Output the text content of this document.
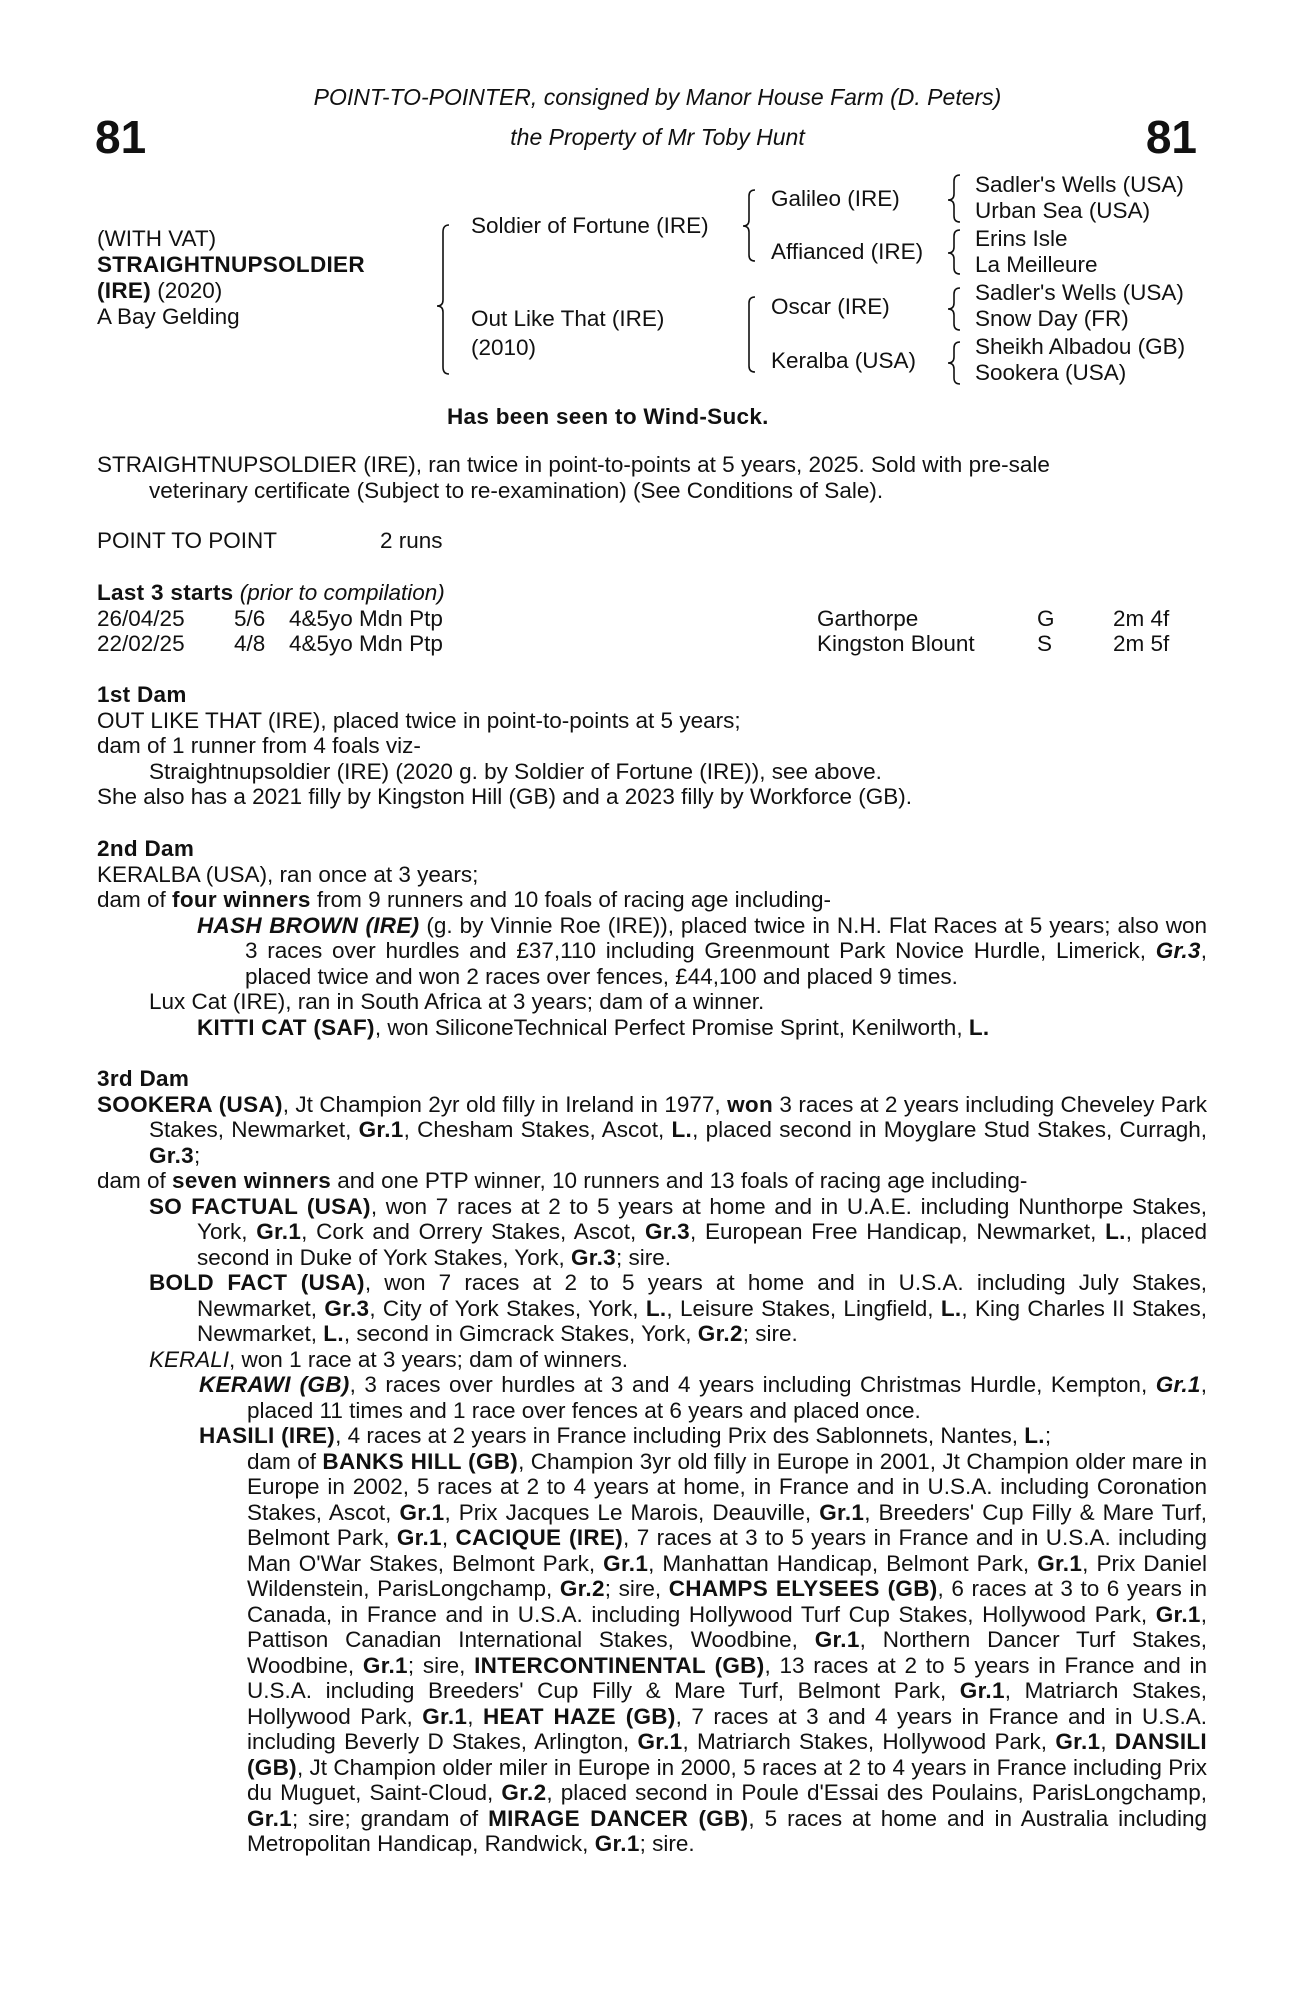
81	81
POINT-TO-POINTER, consigned by Manor House Farm (D. Peters)
the Property of Mr Toby Hunt
(WITH VAT)
STRAIGHTNUPSOLDIER
(IRE) (2020)
A Bay Gelding
Soldier of Fortune (IRE)
Out Like That (IRE)
(2010)
Galileo (IRE)
Affianced (IRE)
Oscar (IRE)
Keralba (USA)
Sadler's Wells (USA)
Urban Sea (USA)
Erins Isle
La Meilleure
Sadler's Wells (USA)
Snow Day (FR)
Sheikh Albadou (GB)
Sookera (USA)
Has been seen to Wind-Suck.

STRAIGHTNUPSOLDIER (IRE), ran twice in point-to-points at 5 years, 2025. Sold with pre-sale

veterinary certificate (Subject to re-examination) (See Conditions of Sale).

POINT TO POINT	2 runs
Last 3 starts (prior to compilation)
26/04/25 5/6 4&5yo Mdn Ptp	Garthorpe	G	2m 4f
22/02/25 4/8 4&5yo Mdn Ptp	Kingston Blount	S	2m 5f

1st Dam

OUT LIKE THAT (IRE), placed twice in point-to-points at 5 years;

dam of 1 runner from 4 foals viz-

Straightnupsoldier (IRE) (2020 g. by Soldier of Fortune (IRE)), see above.

She also has a 2021 filly by Kingston Hill (GB) and a 2023 filly by Workforce (GB).

2nd Dam

KERALBA (USA), ran once at 3 years;

dam of four winners from 9 runners and 10 foals of racing age including-

HASH BROWN (IRE) (g. by Vinnie Roe (IRE)), placed twice in N.H. Flat Races at 5 years; also won 3 races over hurdles and £37,110 including Greenmount Park Novice Hurdle, Limerick, Gr.3, placed twice and won 2 races over fences, £44,100 and placed 9 times.

Lux Cat (IRE), ran in South Africa at 3 years; dam of a winner.

KITTI CAT (SAF), won SiliconeTechnical Perfect Promise Sprint, Kenilworth, L.

3rd Dam

SOOKERA (USA), Jt Champion 2yr old filly in Ireland in 1977, won 3 races at 2 years including Cheveley Park Stakes, Newmarket, Gr.1, Chesham Stakes, Ascot, L., placed second in Moyglare Stud Stakes, Curragh, Gr.3;

dam of seven winners and one PTP winner, 10 runners and 13 foals of racing age including-

SO FACTUAL (USA), won 7 races at 2 to 5 years at home and in U.A.E. including Nunthorpe Stakes, York, Gr.1, Cork and Orrery Stakes, Ascot, Gr.3, European Free Handicap, Newmarket, L., placed second in Duke of York Stakes, York, Gr.3; sire.

BOLD FACT (USA), won 7 races at 2 to 5 years at home and in U.S.A. including July Stakes, Newmarket, Gr.3, City of York Stakes, York, L., Leisure Stakes, Lingfield, L., King Charles II Stakes, Newmarket, L., second in Gimcrack Stakes, York, Gr.2; sire.

KERALI, won 1 race at 3 years; dam of winners.

KERAWI (GB), 3 races over hurdles at 3 and 4 years including Christmas Hurdle, Kempton, Gr.1, placed 11 times and 1 race over fences at 6 years and placed once.

HASILI (IRE), 4 races at 2 years in France including Prix des Sablonnets, Nantes, L.;

dam of BANKS HILL (GB), Champion 3yr old filly in Europe in 2001, Jt Champion older mare in Europe in 2002, 5 races at 2 to 4 years at home, in France and in U.S.A. including Coronation Stakes, Ascot, Gr.1, Prix Jacques Le Marois, Deauville, Gr.1, Breeders' Cup Filly & Mare Turf, Belmont Park, Gr.1, CACIQUE (IRE), 7 races at 3 to 5 years in France and in U.S.A. including Man O'War Stakes, Belmont Park, Gr.1, Manhattan Handicap, Belmont Park, Gr.1, Prix Daniel Wildenstein, ParisLongchamp, Gr.2; sire, CHAMPS ELYSEES (GB), 6 races at 3 to 6 years in Canada, in France and in U.S.A. including Hollywood Turf Cup Stakes, Hollywood Park, Gr.1, Pattison Canadian International Stakes, Woodbine, Gr.1, Northern Dancer Turf Stakes, Woodbine, Gr.1; sire, INTERCONTINENTAL (GB), 13 races at 2 to 5 years in France and in U.S.A. including Breeders' Cup Filly & Mare Turf, Belmont Park, Gr.1, Matriarch Stakes, Hollywood Park, Gr.1, HEAT HAZE (GB), 7 races at 3 and 4 years in France and in U.S.A. including Beverly D Stakes, Arlington, Gr.1, Matriarch Stakes, Hollywood Park, Gr.1, DANSILI (GB), Jt Champion older miler in Europe in 2000, 5 races at 2 to 4 years in France including Prix du Muguet, Saint-Cloud, Gr.2, placed second in Poule d'Essai des Poulains, ParisLongchamp, Gr.1; sire; grandam of MIRAGE DANCER (GB), 5 races at home and in Australia including Metropolitan Handicap, Randwick, Gr.1; sire.
